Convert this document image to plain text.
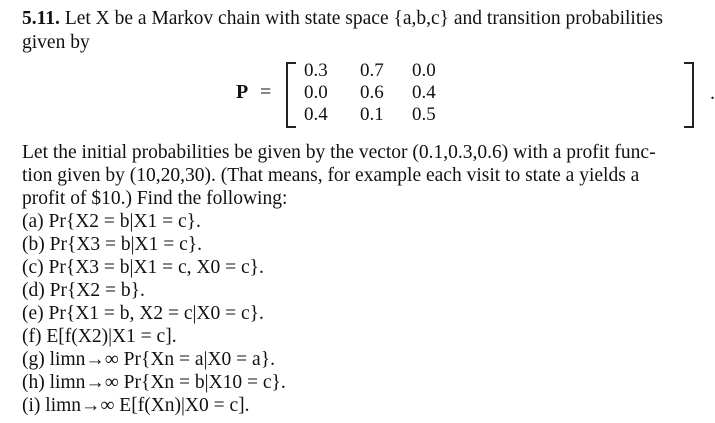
5.11. Let X be a Markov chain with state space {a,b,c} and transition probabilities
given by
P =
0.3 0.7 0.0
0.0 0.6 0.4
0.4 0.1 0.5
.
Let the initial probabilities be given by the vector (0.1,0.3,0.6) with a profit func-
tion given by (10,20,30). (That means, for example each visit to state a yields a
profit of $10.) Find the following:
(a) Pr{X2 = b|X1 = c}.
(b) Pr{X3 = b|X1 = c}.
(c) Pr{X3 = b|X1 = c, X0 = c}.
(d) Pr{X2 = b}.
(e) Pr{X1 = b, X2 = c|X0 = c}.
(f) E[f(X2)|X1 = c].
(g) limn→∞ Pr{Xn = a|X0 = a}.
(h) limn→∞ Pr{Xn = b|X10 = c}.
(i) limn→∞ E[f(Xn)|X0 = c].
